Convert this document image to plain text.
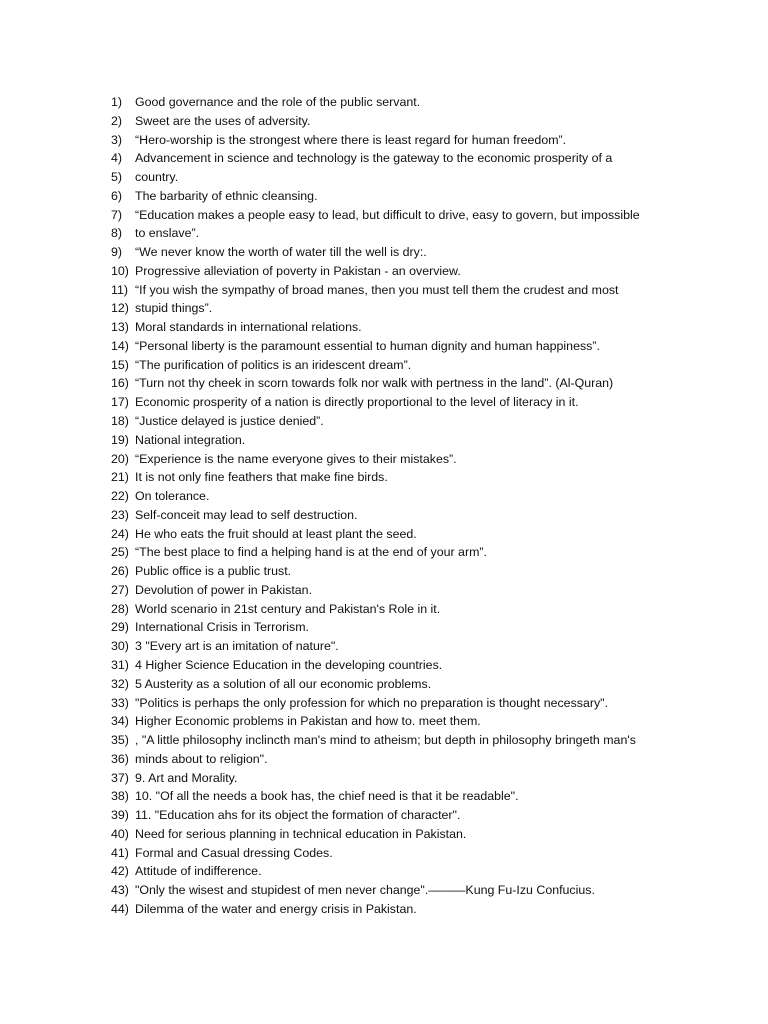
1)	Good governance and the role of the public servant.
2)	Sweet are the uses of adversity.
3)	“Hero-worship is the strongest where there is least regard for human freedom”.
4)	Advancement in science and technology is the gateway to the economic prosperity of a
5)	country.
6)	The barbarity of ethnic cleansing.
7)	“Education makes a people easy to lead, but difficult to drive, easy to govern, but impossible
8)	to enslave”.
9)	“We never know the worth of water till the well is dry:.
10) Progressive alleviation of poverty in Pakistan - an overview.
11) “If you wish the sympathy of broad manes, then you must tell them the crudest and most
12) stupid things”.
13) Moral standards in international relations.
14) “Personal liberty is the paramount essential to human dignity and human happiness”.
15) “The purification of politics is an iridescent dream”.
16) “Turn not thy cheek in scorn towards folk nor walk with pertness in the land”. (Al-Quran)
17) Economic prosperity of a nation is directly proportional to the level of literacy in it.
18) “Justice delayed is justice denied”.
19) National integration.
20) “Experience is the name everyone gives to their mistakes”.
21) It is not only fine feathers that make fine birds.
22) On tolerance.
23) Self-conceit may lead to self destruction.
24) He who eats the fruit should at least plant the seed.
25) “The best place to find a helping hand is at the end of your arm”.
26) Public office is a public trust.
27) Devolution of power in Pakistan.
28) World scenario in 21st century and Pakistan's Role in it.
29) International Crisis in Terrorism.
30) 3 "Every art is an imitation of nature".
31) 4 Higher Science Education in the developing countries.
32) 5 Austerity as a solution of all our economic problems.
33) "Politics is perhaps the only profession for which no preparation is thought necessary".
34) Higher Economic problems in Pakistan and how to. meet them.
35) , "A little philosophy inclincth man's mind to atheism; but depth in philosophy bringeth man's
36) minds about to religion".
37) 9. Art and Morality.
38) 10. "Of all the needs a book has, the chief need is that it be readable".
39) 11. "Education ahs for its object the formation of character".
40) Need for serious planning in technical education in Pakistan.
41) Formal and Casual dressing Codes.
42) Attitude of indifference.
43) "Only the wisest and stupidest of men never change".———Kung Fu-Izu Confucius.
44) Dilemma of the water and energy crisis in Pakistan.
